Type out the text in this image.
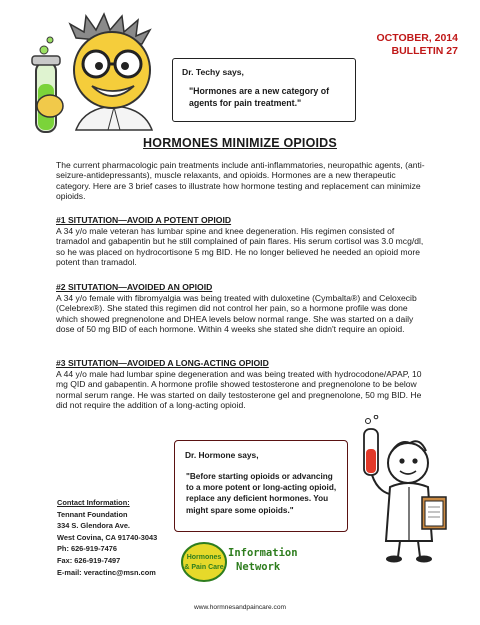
OCTOBER, 2014
BULLETIN 27
Dr. Techy says,
"Hormones are a new category of agents for pain treatment."
HORMONES MINIMIZE OPIOIDS
The current pharmacologic pain treatments include anti-inflammatories, neuropathic agents, (anti-seizure-antidepressants), muscle relaxants, and opioids. Hormones are a new therapeutic category. Here are 3 brief cases to illustrate how hormone testing and replacement can minimize opioids.
#1 SITUTATION—AVOID A POTENT OPIOID
A 34 y/o male veteran has lumbar spine and knee degeneration. His regimen consisted of tramadol and gabapentin but he still complained of pain flares. His serum cortisol was 3.0 mcg/dl, so he was placed on hydrocortisone 5 mg BID. He no longer believed he needed an opioid more potent than tramadol.
#2 SITUTATION—AVOIDED AN OPIOID
A 34 y/o female with fibromyalgia was being treated with duloxetine (Cymbalta®) and Celoxecib (Celebrex®). She stated this regimen did not control her pain, so a hormone profile was done which showed pregnenolone and DHEA levels below normal range. She was started on a daily dose of 50 mg BID of each hormone. Within 4 weeks she stated she didn't require an opioid.
#3 SITUTATION—AVOIDED A LONG-ACTING OPIOID
A 44 y/o male had lumbar spine degeneration and was being treated with hydrocodone/APAP, 10 mg QID and gabapentin. A hormone profile showed testosterone and pregnenolone to be below normal serum range. He was started on daily testosterone gel and pregnenolone, 50 mg BID. He did not require the addition of a long-acting opioid.
Dr. Hormone says,
"Before starting opioids or advancing to a more potent or long-acting opioid, replace any deficient hormones. You might spare some opioids."
Contact Information:
Tennant Foundation
334 S. Glendora Ave.
West Covina, CA 91740-3043
Ph: 626-919-7476
Fax: 626-919-7497
E-mail: veractinc@msn.com
Hormones
& Pain Care
Information
Network
www.hormnesandpaincare.com
